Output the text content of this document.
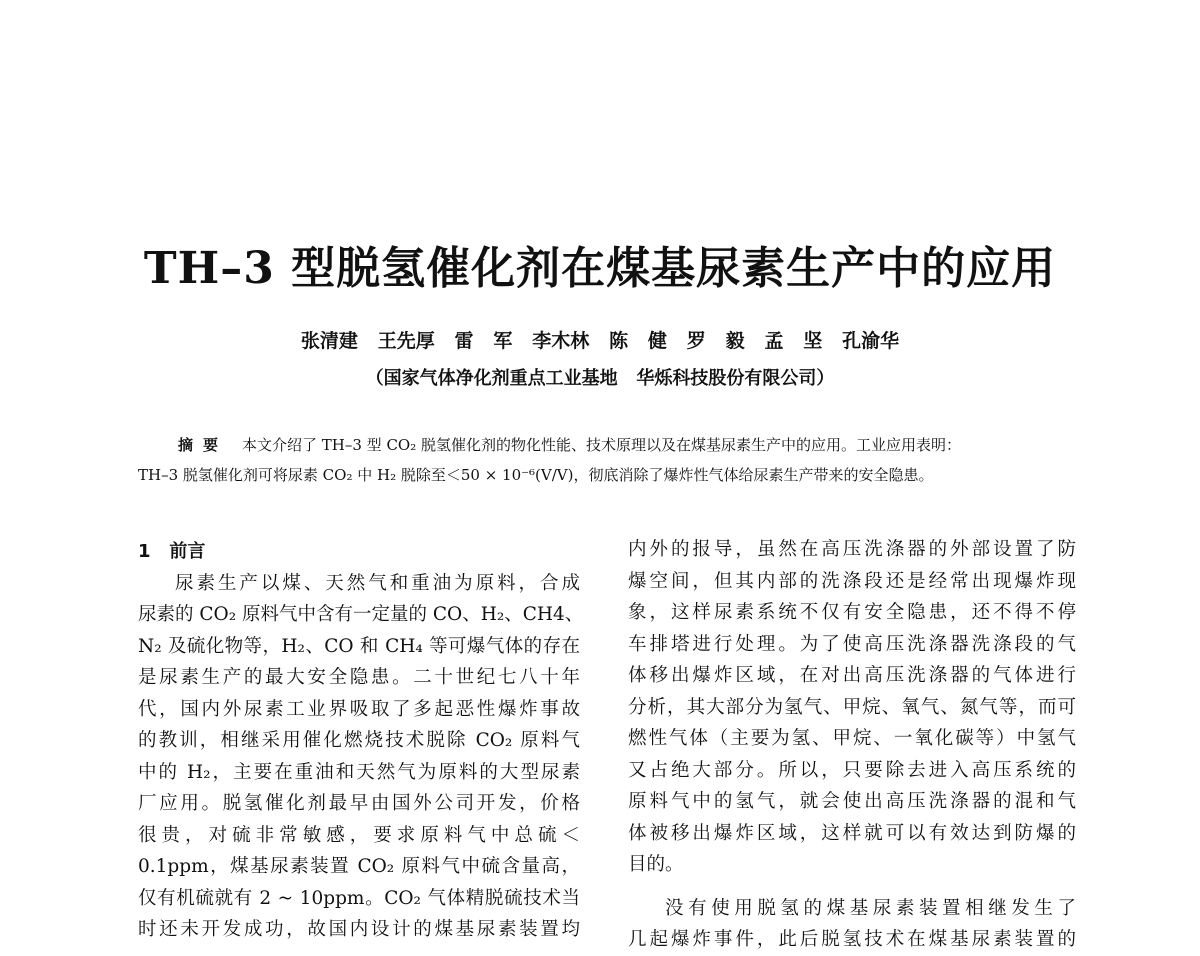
TH–3 型脱氢催化剂在煤基尿素生产中的应用
张清建   王先厚   雷   军   李木林   陈   健   罗   毅   孟   坚   孔渝华
（国家气体净化剂重点工业基地   华烁科技股份有限公司）
摘要 本文介绍了 TH–3 型 CO₂ 脱氢催化剂的物化性能、技术原理以及在煤基尿素生产中的应用。工业应用表明：
TH–3 脱氢催化剂可将尿素 CO₂ 中 H₂ 脱除至＜50 × 10⁻⁶(V/V)，彻底消除了爆炸性气体给尿素生产带来的安全隐患。
1   前言
尿素生产以煤、天然气和重油为原料，合成
尿素的 CO₂ 原料气中含有一定量的 CO、H₂、CH4、
N₂ 及硫化物等，H₂、CO 和 CH₄ 等可爆气体的存在
是尿素生产的最大安全隐患。二十世纪七八十年
代，国内外尿素工业界吸取了多起恶性爆炸事故
的教训，相继采用催化燃烧技术脱除 CO₂ 原料气
中的 H₂，主要在重油和天然气为原料的大型尿素
厂应用。脱氢催化剂最早由国外公司开发，价格
很贵，对硫非常敏感，要求原料气中总硫＜
0.1ppm，煤基尿素装置 CO₂ 原料气中硫含量高，
仅有机硫就有 2 ~ 10ppm。CO₂ 气体精脱硫技术当
时还未开发成功，故国内设计的煤基尿素装置均
内外的报导，虽然在高压洗涤器的外部设置了防
爆空间，但其内部的洗涤段还是经常出现爆炸现
象，这样尿素系统不仅有安全隐患，还不得不停
车排塔进行处理。为了使高压洗涤器洗涤段的气
体移出爆炸区域，在对出高压洗涤器的气体进行
分析，其大部分为氢气、甲烷、氧气、氮气等，而可
燃性气体（主要为氢、甲烷、一氧化碳等）中氢气
又占绝大部分。所以，只要除去进入高压系统的
原料气中的氢气，就会使出高压洗涤器的混和气
体被移出爆炸区域，这样就可以有效达到防爆的
目的。
没有使用脱氢的煤基尿素装置相继发生了
几起爆炸事件，此后脱氢技术在煤基尿素装置的
